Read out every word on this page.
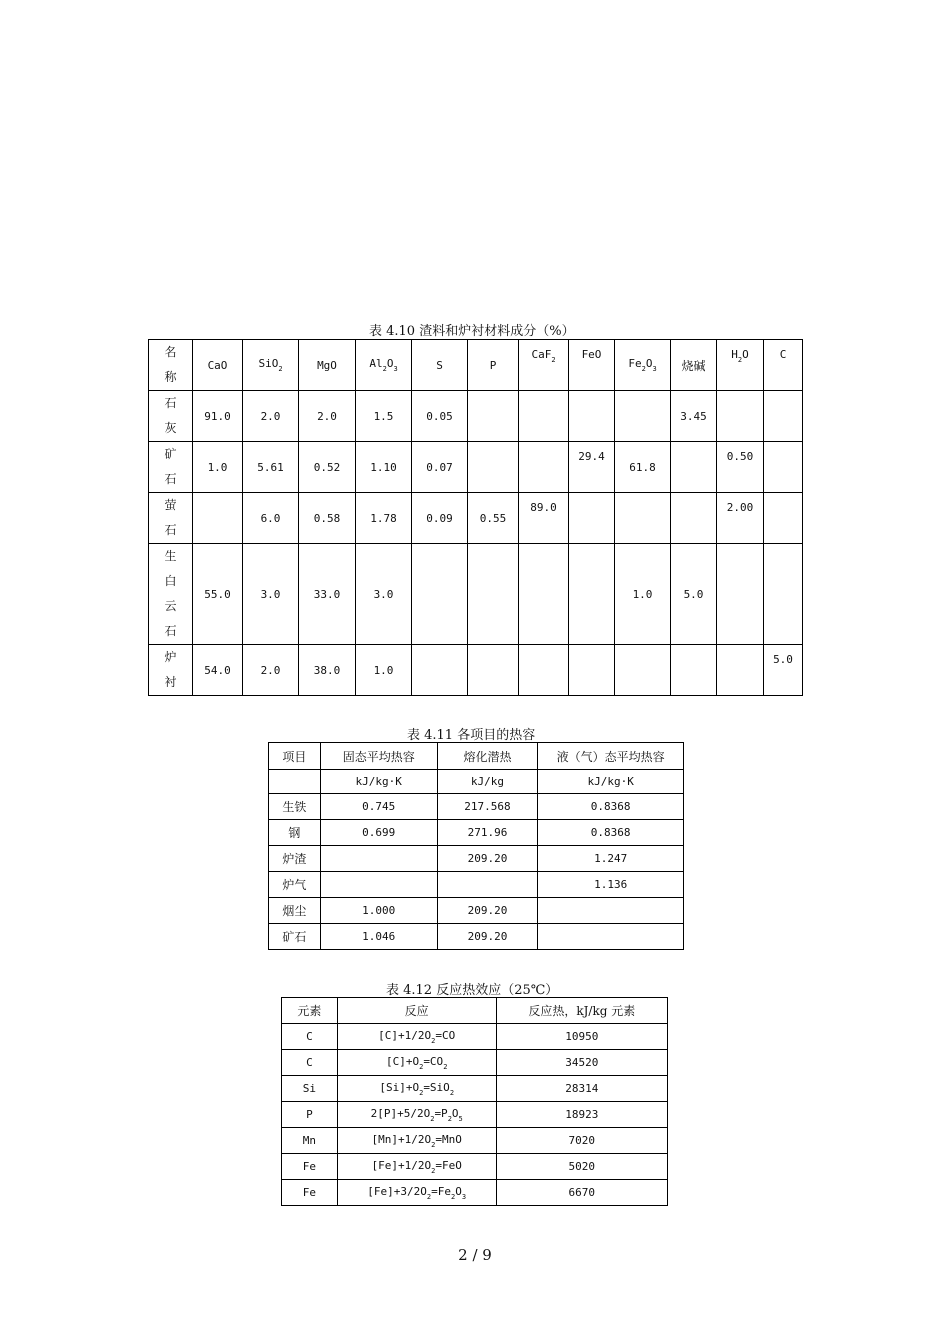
表 4.10 渣料和炉衬材料成分（%）
名
称	CaO	SiO$_2$	MgO	$Al_2O_3$	S	P	CaF$_2$	FeO	$Fe_2O_3$	烧碱	$H_2O$	C
石
灰	91.0	2.0	2.0	1.5	0.05					3.45		
矿
石	1.0	5.61	0.52	1.10	0.07			29.4	61.8		0.50	
萤
石		6.0	0.58	1.78	0.09	0.55	89.0				2.00	
生
白
云
石	55.0	3.0	33.0	3.0					1.0	5.0		
炉
衬	54.0	2.0	38.0	1.0								5.0
表 4.11 各项目的热容
项目	固态平均热容	熔化潜热	液（气）态平均热容
	kJ/kg·K	kJ/kg	kJ/kg·K
生铁	0.745	217.568	0.8368
钢	0.699	271.96	0.8368
炉渣		209.20	1.247
炉气			1.136
烟尘	1.000	209.20	
矿石	1.046	209.20	
表 4.12 反应热效应（25℃）
元素	反应	反应热，kJ/kg 元素
C	$[C]+1/2O_2=CO$	10950
C	$[C]+O_2=CO_2$	34520
Si	$[Si]+O_2=SiO_2$	28314
P	$2[P]+5/2O_2=P_2O_5$	18923
Mn	$[Mn]+1/2O_2=MnO$	7020
Fe	$[Fe]+1/2O_2=FeO$	5020
Fe	$[Fe]+3/2O_2=Fe_2O_3$	6670
2 / 9
